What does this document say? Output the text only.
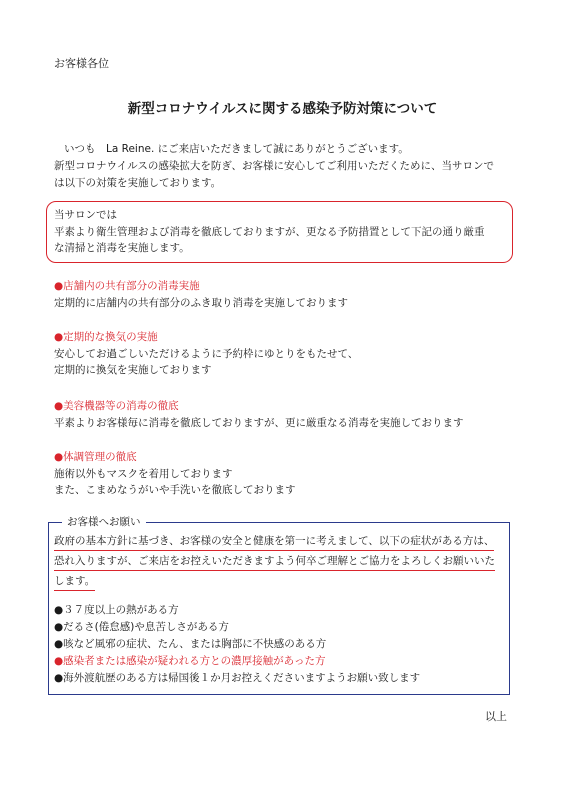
お客様各位
新型コロナウイルスに関する感染予防対策について
いつも　La Reine. にご来店いただきまして誠にありがとうございます。
新型コロナウイルスの感染拡大を防ぎ、お客様に安心してご利用いただくために、当サロンで
は以下の対策を実施しております。
当サロンでは
平素より衛生管理および消毒を徹底しておりますが、更なる予防措置として下記の通り厳重
な清掃と消毒を実施します。
●店舗内の共有部分の消毒実施
定期的に店舗内の共有部分のふき取り消毒を実施しております
●定期的な換気の実施
安心してお過ごしいただけるように予約枠にゆとりをもたせて、
定期的に換気を実施しております
●美容機器等の消毒の徹底
平素よりお客様毎に消毒を徹底しておりますが、更に厳重なる消毒を実施しております
●体調管理の徹底
施術以外もマスクを着用しております
また、こまめなうがいや手洗いを徹底しております
お客様へお願い
政府の基本方針に基づき、お客様の安全と健康を第一に考えまして、以下の症状がある方は、
恐れ入りますが、ご来店をお控えいただきますよう何卒ご理解とご協力をよろしくお願いいた
します。
●３７度以上の熱がある方
●だるさ(倦怠感)や息苦しさがある方
●咳など風邪の症状、たん、または胸部に不快感のある方
●感染者または感染が疑われる方との濃厚接触があった方
●海外渡航歴のある方は帰国後１か月お控えくださいますようお願い致します
以上
